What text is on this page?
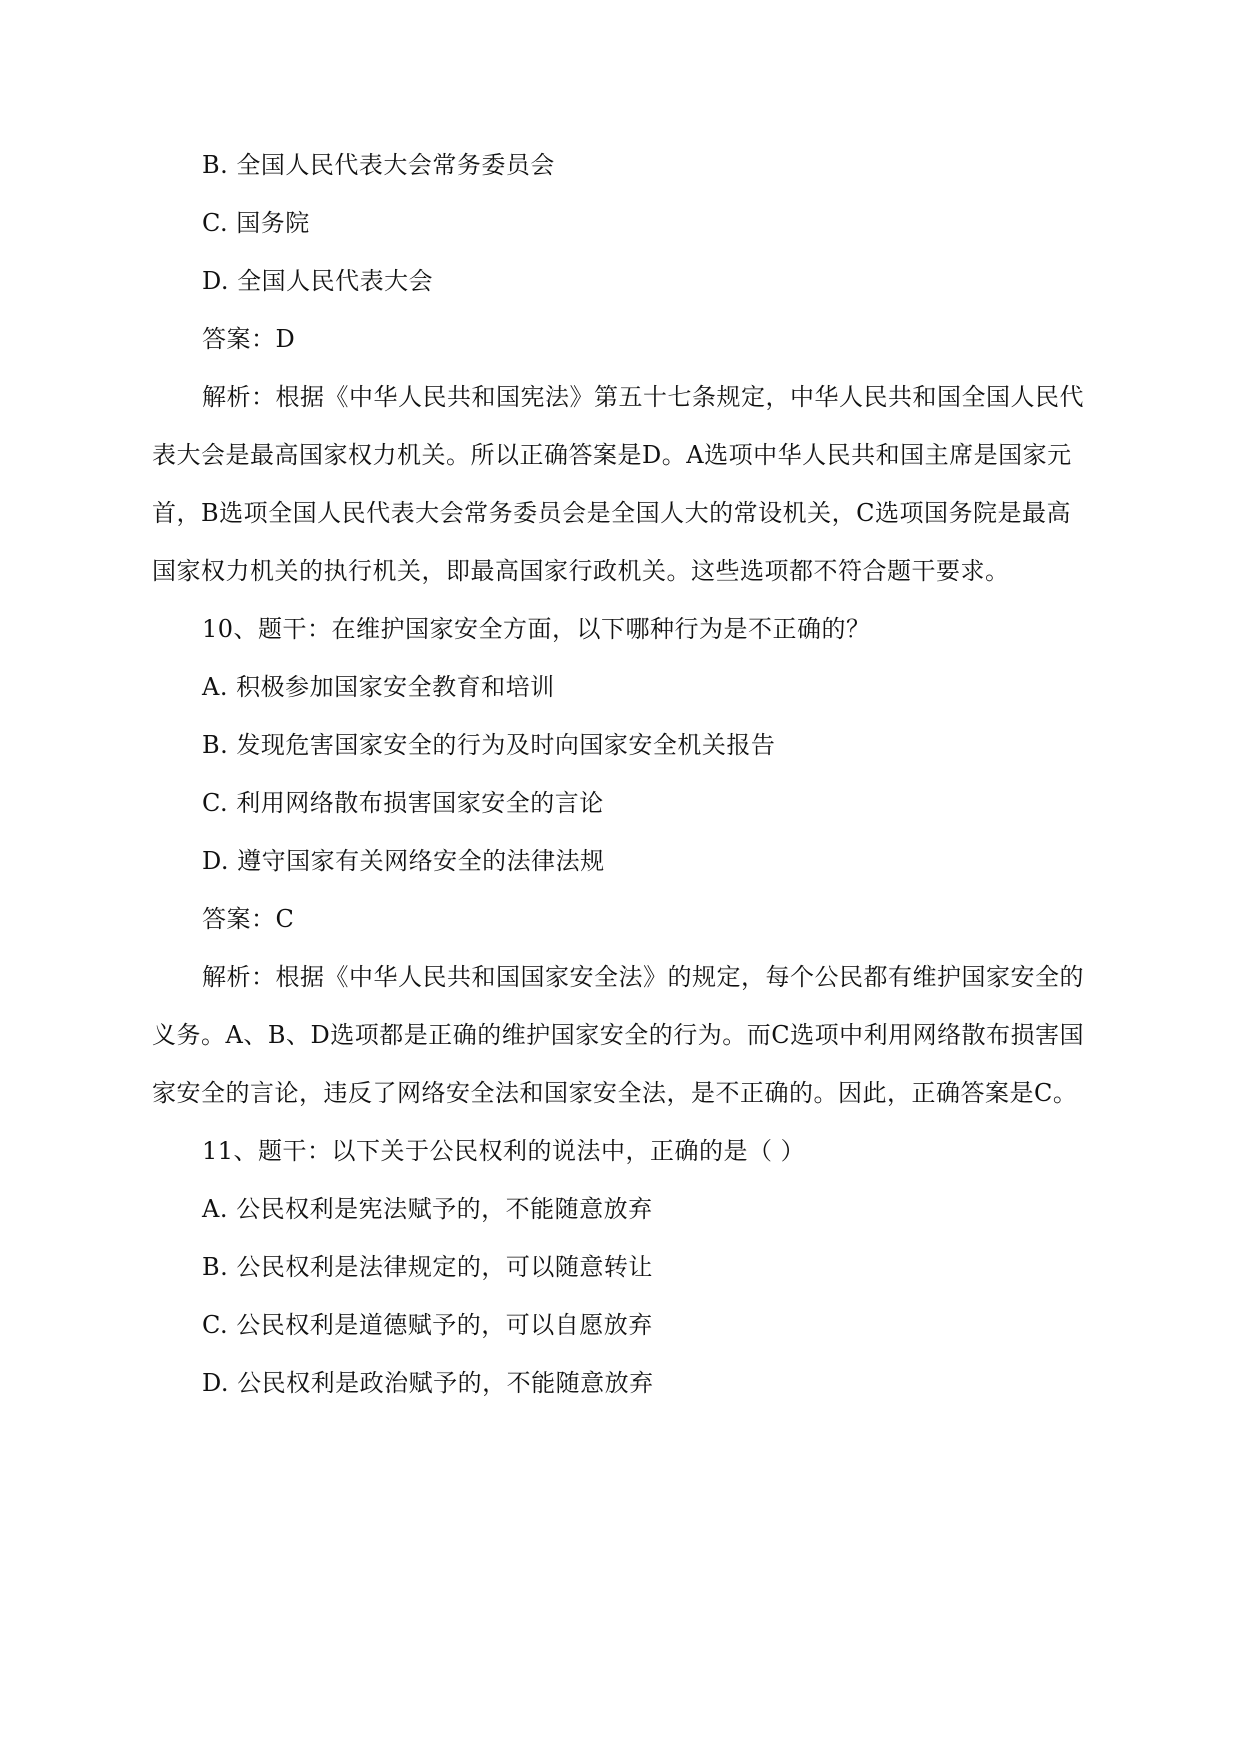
B. 全国人民代表大会常务委员会
C. 国务院
D. 全国人民代表大会
答案：D
解析：根据《中华人民共和国宪法》第五十七条规定，中华人民共和国全国人民代
表大会是最高国家权力机关。所以正确答案是D。A选项中华人民共和国主席是国家元
首，B选项全国人民代表大会常务委员会是全国人大的常设机关，C选项国务院是最高
国家权力机关的执行机关，即最高国家行政机关。这些选项都不符合题干要求。
10、题干：在维护国家安全方面，以下哪种行为是不正确的？
A. 积极参加国家安全教育和培训
B. 发现危害国家安全的行为及时向国家安全机关报告
C. 利用网络散布损害国家安全的言论
D. 遵守国家有关网络安全的法律法规
答案：C
解析：根据《中华人民共和国国家安全法》的规定，每个公民都有维护国家安全的
义务。A、B、D选项都是正确的维护国家安全的行为。而C选项中利用网络散布损害国
家安全的言论，违反了网络安全法和国家安全法，是不正确的。因此，正确答案是C。
11、题干：以下关于公民权利的说法中，正确的是（ ）
A. 公民权利是宪法赋予的，不能随意放弃
B. 公民权利是法律规定的，可以随意转让
C. 公民权利是道德赋予的，可以自愿放弃
D. 公民权利是政治赋予的，不能随意放弃
